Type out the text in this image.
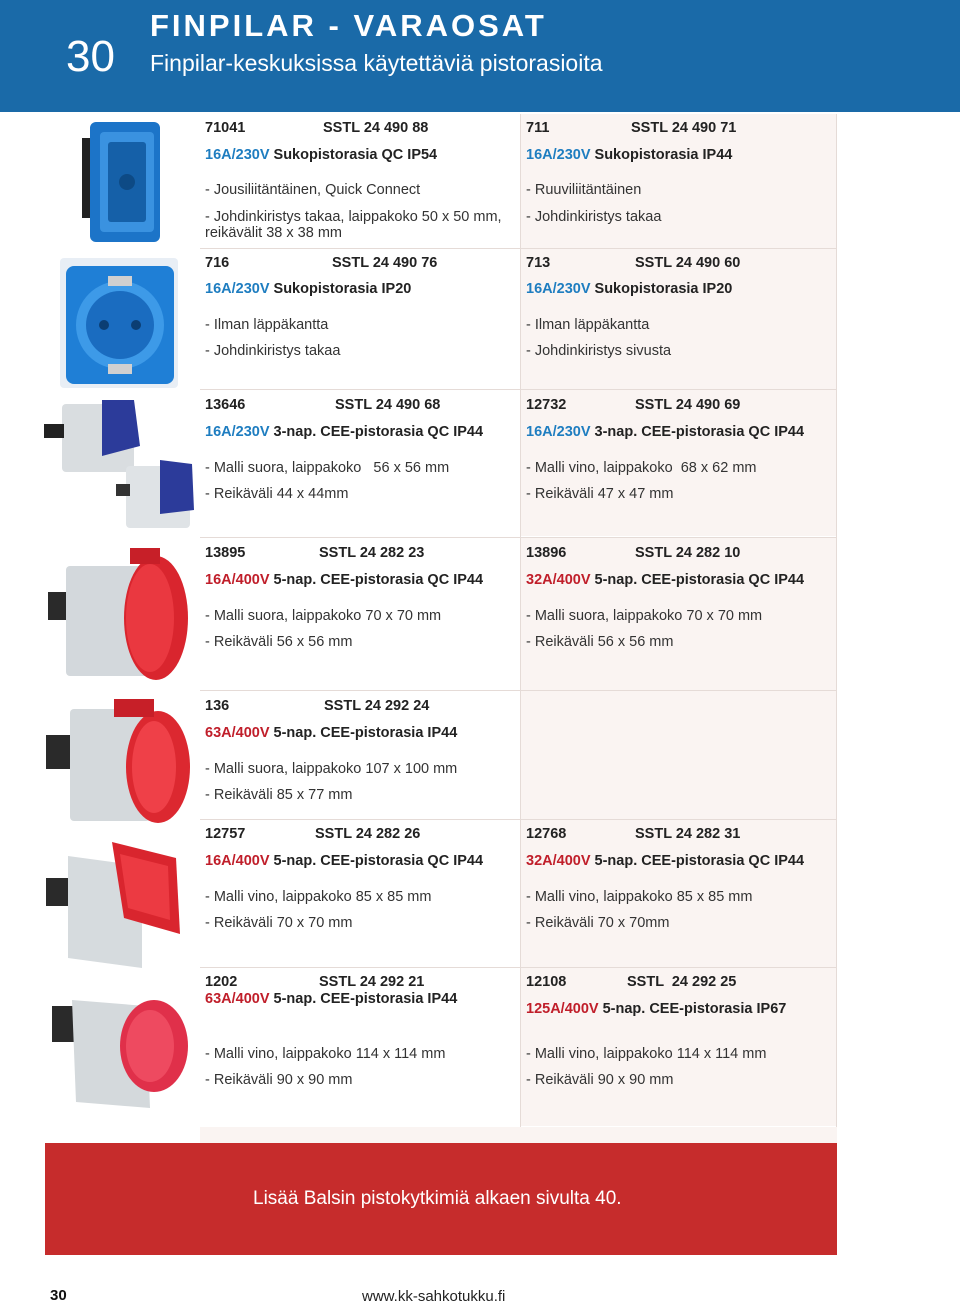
30
FINPILAR - VARAOSAT
Finpilar-keskuksissa käytettäviä pistorasioita
71041	SSTL 24 490 88
16A/230V Sukopistorasia QC IP54
- Jousiliitäntäinen, Quick Connect
- Johdinkiristys takaa, laippakoko 50 x 50 mm,
reikävälit 38 x 38 mm
711	SSTL 24 490 71
16A/230V Sukopistorasia IP44
- Ruuviliitäntäinen
- Johdinkiristys takaa
716	SSTL 24 490 76
16A/230V Sukopistorasia IP20
- Ilman läppäkantta
- Johdinkiristys takaa
713	SSTL 24 490 60
16A/230V Sukopistorasia IP20
- Ilman läppäkantta
- Johdinkiristys sivusta
13646	SSTL 24 490 68
16A/230V 3-nap. CEE-pistorasia QC IP44
- Malli suora, laippakoko   56 x 56 mm
- Reikäväli 44 x 44mm
12732	SSTL 24 490 69
16A/230V 3-nap. CEE-pistorasia QC IP44
- Malli vino, laippakoko  68 x 62 mm
- Reikäväli 47 x 47 mm
13895	SSTL 24 282 23
16A/400V 5-nap. CEE-pistorasia QC IP44
- Malli suora, laippakoko 70 x 70 mm
- Reikäväli 56 x 56 mm
13896	SSTL 24 282 10
32A/400V 5-nap. CEE-pistorasia QC IP44
- Malli suora, laippakoko 70 x 70 mm
- Reikäväli 56 x 56 mm
136	SSTL 24 292 24
63A/400V 5-nap. CEE-pistorasia IP44
- Malli suora, laippakoko 107 x 100 mm
- Reikäväli 85 x 77 mm
12757	SSTL 24 282 26
16A/400V 5-nap. CEE-pistorasia QC IP44
- Malli vino, laippakoko 85 x 85 mm
- Reikäväli 70 x 70 mm
12768	SSTL 24 282 31
32A/400V 5-nap. CEE-pistorasia QC IP44
- Malli vino, laippakoko 85 x 85 mm
- Reikäväli 70 x 70mm
1202	SSTL 24 292 21
63A/400V 5-nap. CEE-pistorasia IP44
- Malli vino, laippakoko 114 x 114 mm
- Reikäväli 90 x 90 mm
12108	SSTL  24 292 25
125A/400V 5-nap. CEE-pistorasia IP67
- Malli vino, laippakoko 114 x 114 mm
- Reikäväli 90 x 90 mm
Lisää Balsin pistokytkimiä alkaen sivulta 40.
30	www.kk-sahkotukku.fi
